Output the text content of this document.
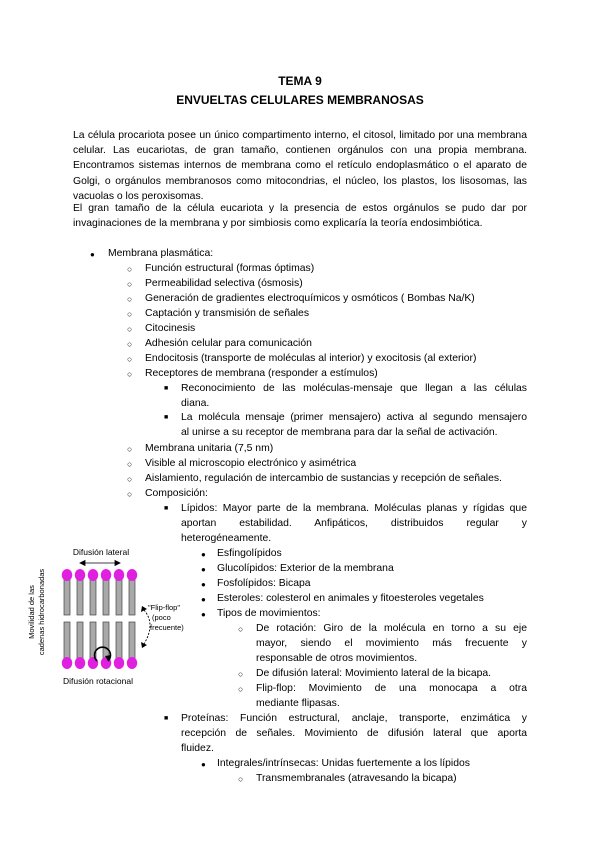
TEMA 9
ENVUELTAS CELULARES MEMBRANOSAS
La célula procariota posee un único compartimento interno, el citosol, limitado por una membrana celular. Las eucariotas, de gran tamaño, contienen orgánulos con una propia membrana. Encontramos sistemas internos de membrana como el retículo endoplasmático o el aparato de Golgi, o orgánulos membranosos como mitocondrias, el núcleo, los plastos, los lisosomas, las vacuolas o los peroxisomas.
El gran tamaño de la célula eucariota y la presencia de estos orgánulos se pudo dar por invaginaciones de la membrana y por simbiosis como explicaría la teoría endosimbiótica.
● Membrana plasmática:
○ Función estructural (formas óptimas)
○ Permeabilidad selectiva (ósmosis)
○ Generación de gradientes electroquímicos y osmóticos ( Bombas Na/K)
○ Captación y transmisión de señales
○ Citocinesis
○ Adhesión celular para comunicación
○ Endocitosis (transporte de moléculas al interior) y exocitosis (al exterior)
○ Receptores de membrana (responder a estímulos)
■ Reconocimiento de las moléculas-mensaje que llegan a las células
diana.
■ La molécula mensaje (primer mensajero) activa al segundo mensajero
al unirse a su receptor de membrana para dar la señal de activación.
○ Membrana unitaria (7,5 nm)
○ Visible al microscopio electrónico y asimétrica
○ Aislamiento, regulación de intercambio de sustancias y recepción de señales.
○ Composición:
■ Lípidos: Mayor parte de la membrana. Moléculas planas y rígidas que
aportan estabilidad. Anfipáticos, distribuidos regular y
heterogéneamente.
● Esfingolípidos
● Glucolípidos: Exterior de la membrana
● Fosfolípidos: Bicapa
● Esteroles: colesterol en animales y fitoesteroles vegetales
● Tipos de movimientos:
○ De rotación: Giro de la molécula en torno a su eje
mayor, siendo el movimiento más frecuente y
responsable de otros movimientos.
○ De difusión lateral: Movimiento lateral de la bicapa.
○ Flip-flop: Movimiento de una monocapa a otra
mediante flipasas.
■ Proteínas: Función estructural, anclaje, transporte, enzimática y
recepción de señales. Movimiento de difusión lateral que aporta
fluidez.
● Integrales/intrínsecas: Unidas fuertemente a los lípidos
○ Transmembranales (atravesando la bicapa)
Difusión lateral
"Flip-flop"
(poco
frecuente)
Difusión rotacional
Movilidad de las cadenas hidrocarbonadas
